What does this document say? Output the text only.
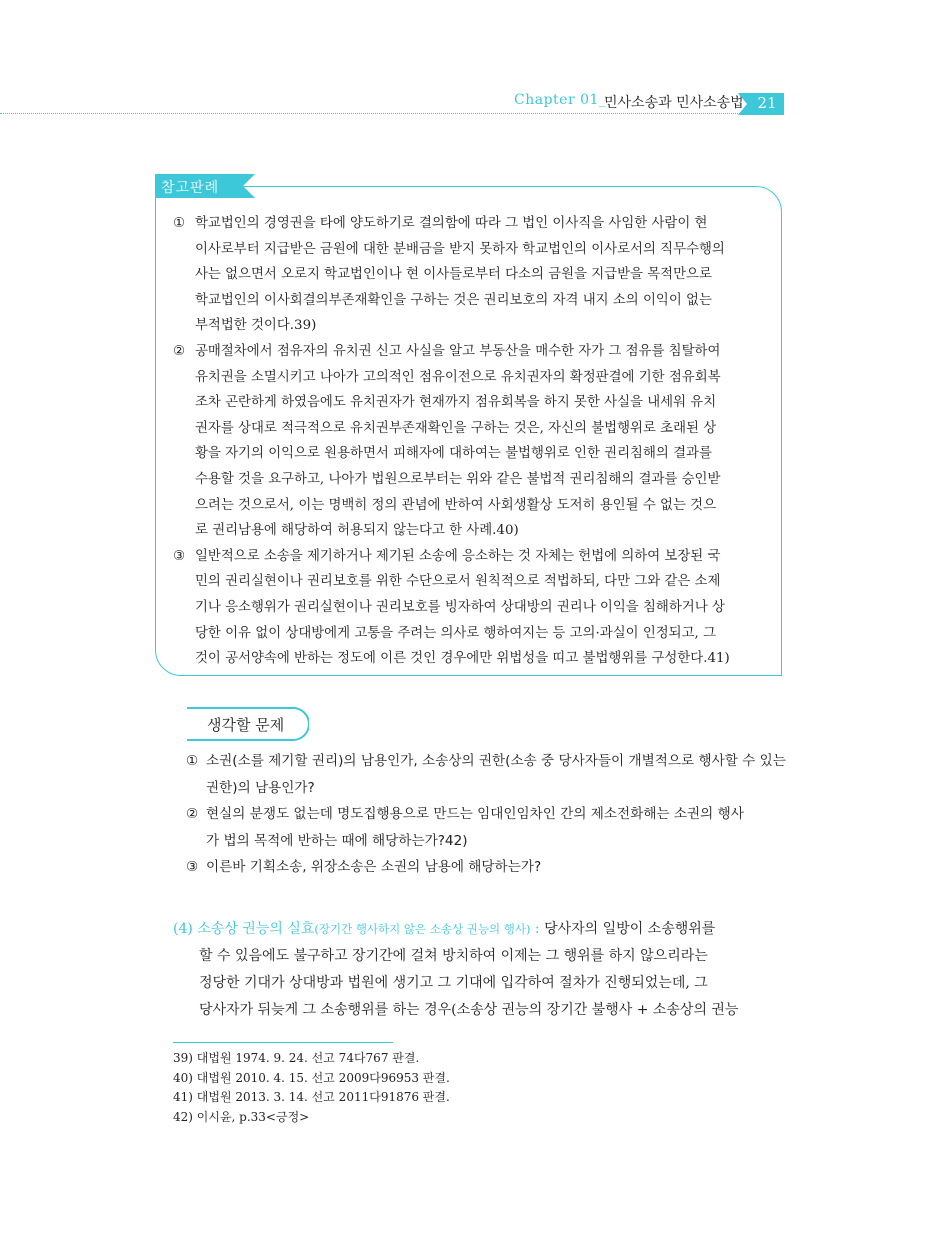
Chapter 01_
민사소송과 민사소송법 21
참고판례
① 학교법인의 경영권을 타에 양도하기로 결의함에 따라 그 법인 이사직을 사임한 사람이 현
이사로부터 지급받은 금원에 대한 분배금을 받지 못하자 학교법인의 이사로서의 직무수행의
사는 없으면서 오로지 학교법인이나 현 이사들로부터 다소의 금원을 지급받을 목적만으로
학교법인의 이사회결의부존재확인을 구하는 것은 권리보호의 자격 내지 소의 이익이 없는
부적법한 것이다.39)
② 공매절차에서 점유자의 유치권 신고 사실을 알고 부동산을 매수한 자가 그 점유를 침탈하여
유치권을 소멸시키고 나아가 고의적인 점유이전으로 유치권자의 확정판결에 기한 점유회복
조차 곤란하게 하였음에도 유치권자가 현재까지 점유회복을 하지 못한 사실을 내세워 유치
권자를 상대로 적극적으로 유치권부존재확인을 구하는 것은, 자신의 불법행위로 초래된 상
황을 자기의 이익으로 원용하면서 피해자에 대하여는 불법행위로 인한 권리침해의 결과를
수용할 것을 요구하고, 나아가 법원으로부터는 위와 같은 불법적 권리침해의 결과를 승인받
으려는 것으로서, 이는 명백히 정의 관념에 반하여 사회생활상 도저히 용인될 수 없는 것으
로 권리남용에 해당하여 허용되지 않는다고 한 사례.40)
③ 일반적으로 소송을 제기하거나 제기된 소송에 응소하는 것 자체는 헌법에 의하여 보장된 국
민의 권리실현이나 권리보호를 위한 수단으로서 원칙적으로 적법하되, 다만 그와 같은 소제
기나 응소행위가 권리실현이나 권리보호를 빙자하여 상대방의 권리나 이익을 침해하거나 상
당한 이유 없이 상대방에게 고통을 주려는 의사로 행하여지는 등 고의·과실이 인정되고, 그
것이 공서양속에 반하는 정도에 이른 것인 경우에만 위법성을 띠고 불법행위를 구성한다.41)
생각할 문제
① 소권(소를 제기할 권리)의 남용인가, 소송상의 권한(소송 중 당사자들이 개별적으로 행사할 수 있는
권한)의 남용인가?
② 현실의 분쟁도 없는데 명도집행용으로 만드는 임대인임차인 간의 제소전화해는 소권의 행사
가 법의 목적에 반하는 때에 해당하는가?42)
③ 이른바 기획소송, 위장소송은 소권의 남용에 해당하는가?
(4) 소송상 권능의 실효(장기간 행사하지 않은 소송상 권능의 행사) : 당사자의 일방이 소송행위를
할 수 있음에도 불구하고 장기간에 걸쳐 방치하여 이제는 그 행위를 하지 않으리라는
정당한 기대가 상대방과 법원에 생기고 그 기대에 입각하여 절차가 진행되었는데, 그
당사자가 뒤늦게 그 소송행위를 하는 경우(소송상 권능의 장기간 불행사 + 소송상의 권능
39) 대법원 1974. 9. 24. 선고 74다767 판결.
40) 대법원 2010. 4. 15. 선고 2009다96953 판결.
41) 대법원 2013. 3. 14. 선고 2011다91876 판결.
42) 이시윤, p.33<긍정>
